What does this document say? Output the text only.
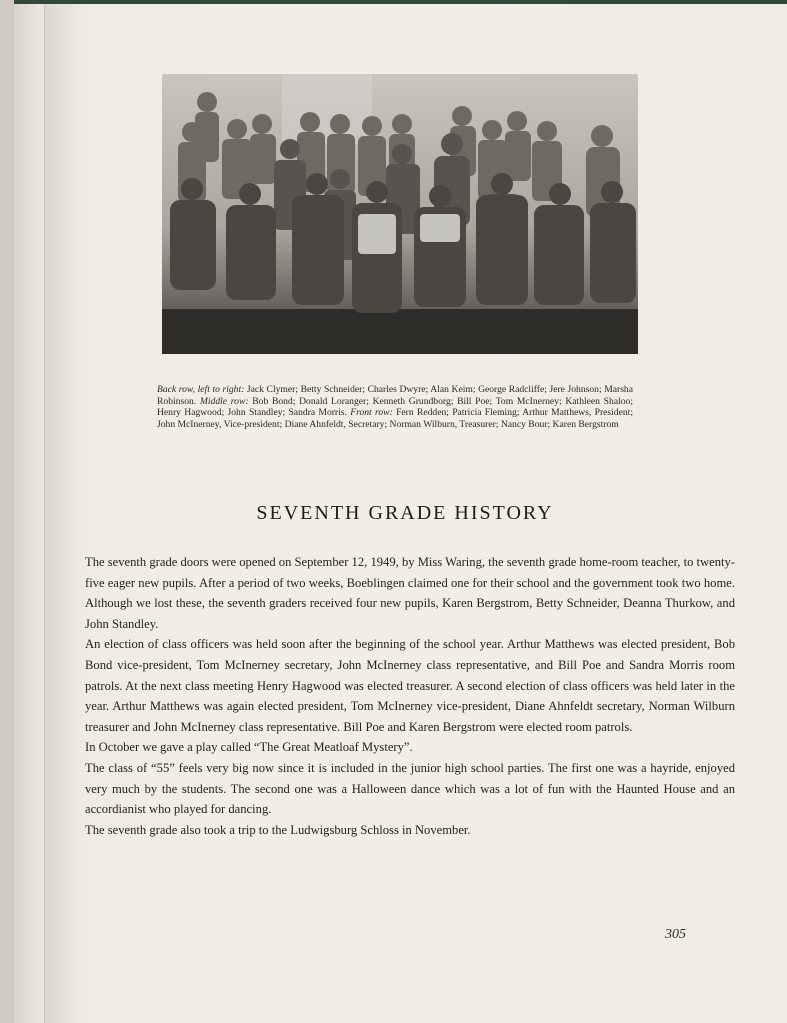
Back row, left to right: Jack Clymer; Betty Schneider; Charles Dwyre; Alan Keim; George Radcliffe; Jere Johnson; Marsha Robinson. Middle row: Bob Bond; Donald Loranger; Kenneth Grundborg; Bill Poe; Tom McInerney; Kathleen Shaloo; Henry Hagwood; John Standley; Sandra Morris. Front row: Fern Redden; Patricia Fleming; Arthur Matthews, President; John McInerney, Vice-president; Diane Ahnfeldt, Secretary; Norman Wilburn, Treasurer; Nancy Bour; Karen Bergstrom
SEVENTH GRADE HISTORY

The seventh grade doors were opened on September 12, 1949, by Miss Waring, the seventh grade home-room teacher, to twenty-five eager new pupils. After a period of two weeks, Boeblingen claimed one for their school and the government took two home. Although we lost these, the seventh graders received four new pupils, Karen Bergstrom, Betty Schneider, Deanna Thurkow, and John Standley.

An election of class officers was held soon after the beginning of the school year. Arthur Matthews was elected president, Bob Bond vice-president, Tom McInerney secretary, John McInerney class representative, and Bill Poe and Sandra Morris room patrols. At the next class meeting Henry Hagwood was elected treasurer. A second election of class officers was held later in the year. Arthur Matthews was again elected president, Tom McInerney vice-president, Diane Ahnfeldt secretary, Norman Wilburn treasurer and John McInerney class representative. Bill Poe and Karen Bergstrom were elected room patrols.

In October we gave a play called “The Great Meatloaf Mystery”.

The class of “55” feels very big now since it is included in the junior high school parties. The first one was a hayride, enjoyed very much by the students. The second one was a Halloween dance which was a lot of fun with the Haunted House and an accordianist who played for dancing.

The seventh grade also took a trip to the Ludwigsburg Schloss in November.

305
